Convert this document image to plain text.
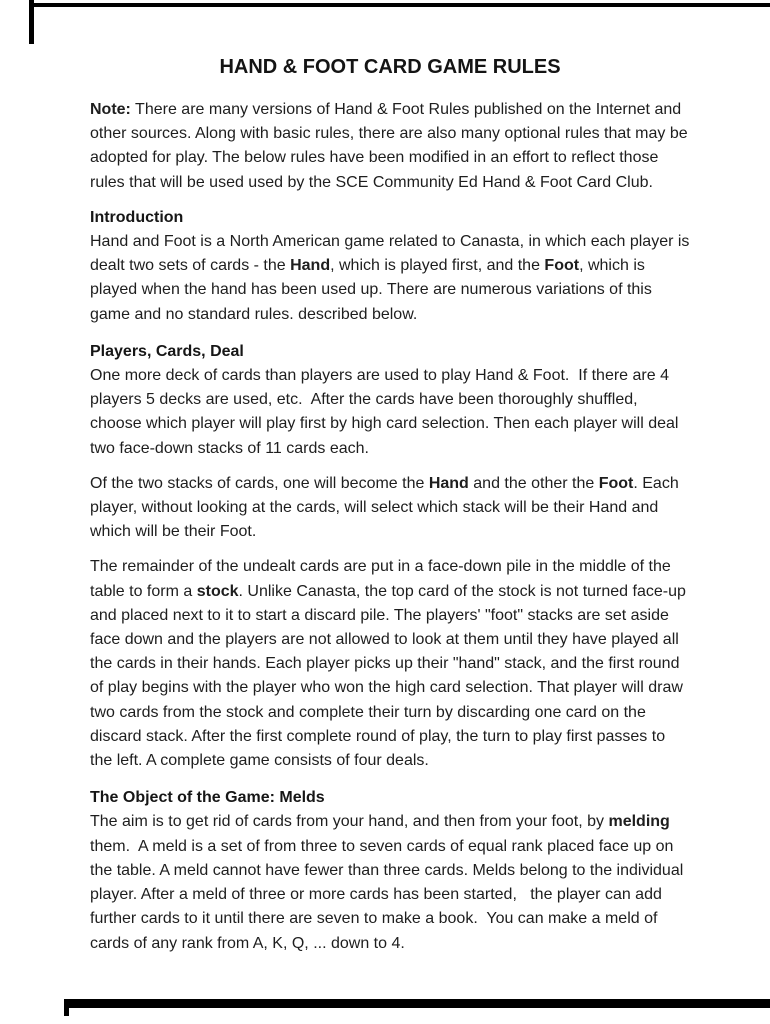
HAND & FOOT CARD GAME RULES

Note: There are many versions of Hand & Foot Rules published on the Internet and other sources. Along with basic rules, there are also many optional rules that may be adopted for play. The below rules have been modified in an effort to reflect those rules that will be used used by the SCE Community Ed Hand & Foot Card Club.

Introduction

Hand and Foot is a North American game related to Canasta, in which each player is dealt two sets of cards - the Hand, which is played first, and the Foot, which is played when the hand has been used up. There are numerous variations of this game and no standard rules. described below.

Players, Cards, Deal

One more deck of cards than players are used to play Hand & Foot.  If there are 4 players 5 decks are used, etc.  After the cards have been thoroughly shuffled, choose which player will play first by high card selection. Then each player will deal two face-down stacks of 11 cards each.

Of the two stacks of cards, one will become the Hand and the other the Foot. Each player, without looking at the cards, will select which stack will be their Hand and which will be their Foot.

The remainder of the undealt cards are put in a face-down pile in the middle of the table to form a stock. Unlike Canasta, the top card of the stock is not turned face-up and placed next to it to start a discard pile. The players' "foot" stacks are set aside face down and the players are not allowed to look at them until they have played all the cards in their hands. Each player picks up their "hand" stack, and the first round of play begins with the player who won the high card selection. That player will draw two cards from the stock and complete their turn by discarding one card on the discard stack. After the first complete round of play, the turn to play first passes to the left. A complete game consists of four deals.

The Object of the Game: Melds

The aim is to get rid of cards from your hand, and then from your foot, by melding them.  A meld is a set of from three to seven cards of equal rank placed face up on the table. A meld cannot have fewer than three cards. Melds belong to the individual player. After a meld of three or more cards has been started,   the player can add further cards to it until there are seven to make a book.  You can make a meld of cards of any rank from A, K, Q, ... down to 4.
